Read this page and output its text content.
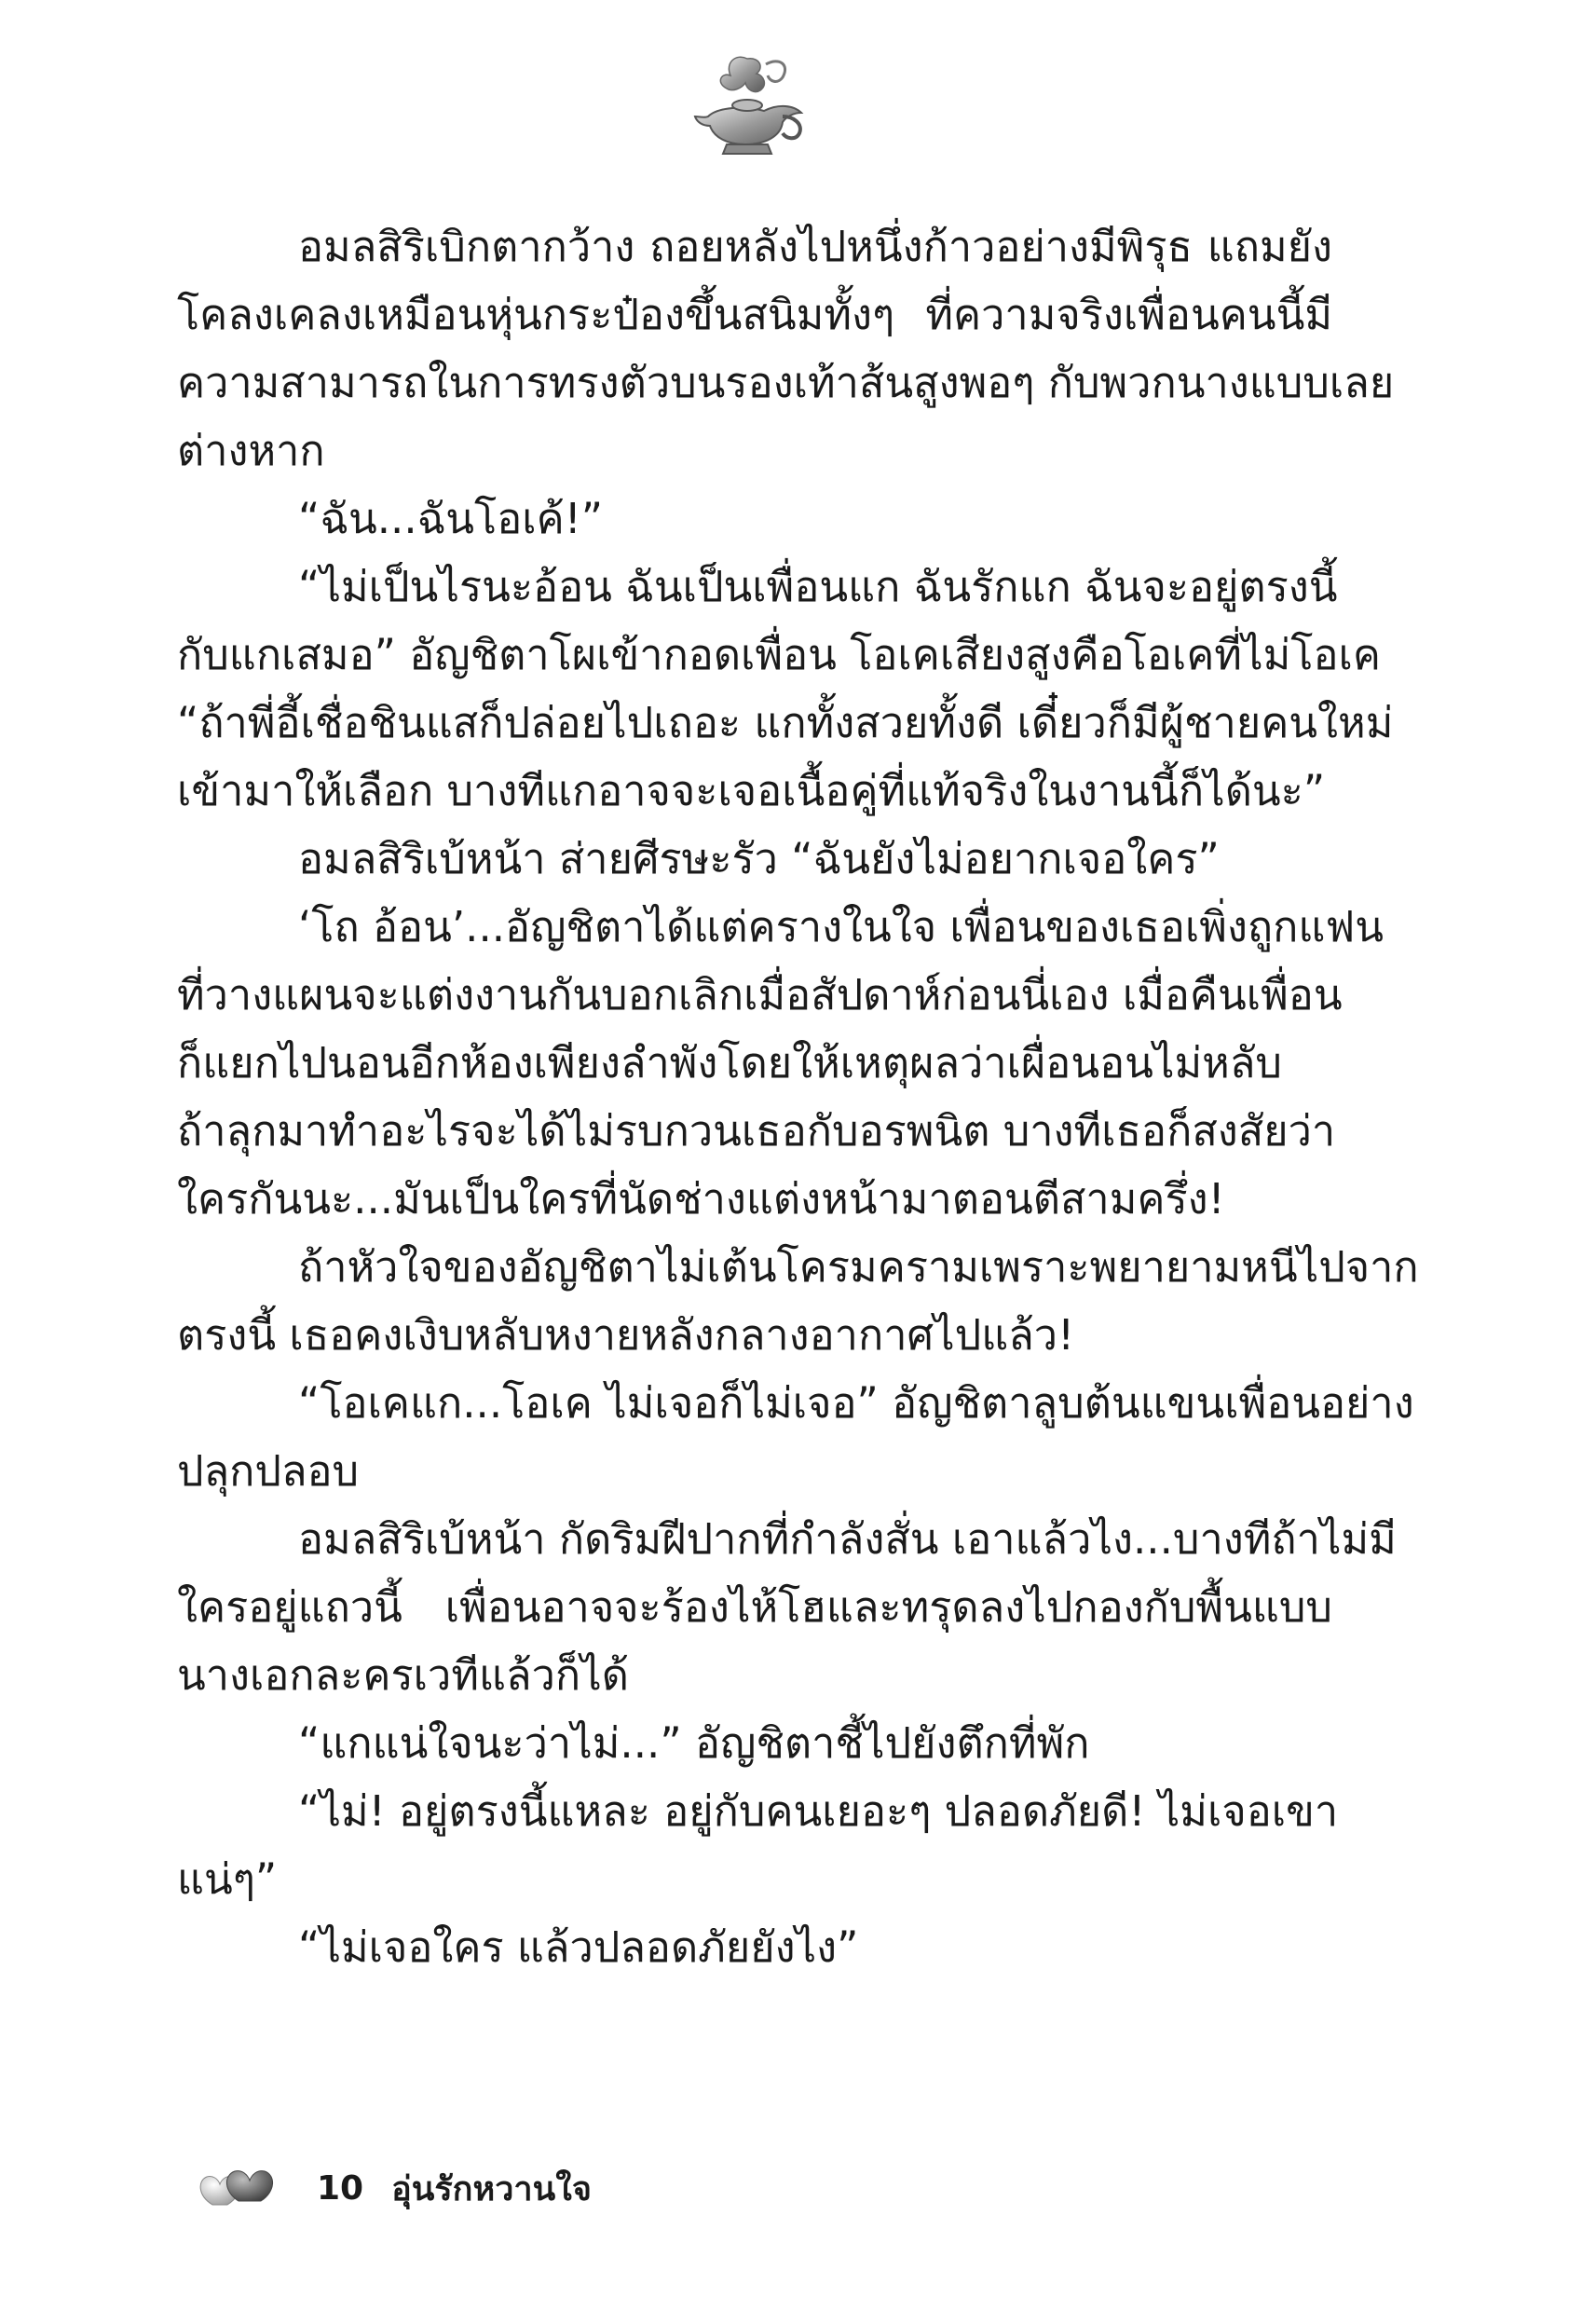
อมลสิริเบิกตากว้าง ถอยหลังไปหนึ่งก้าวอย่างมีพิรุธ แถมยัง
โคลงเคลงเหมือนหุ่นกระป๋องขึ้นสนิมทั้งๆ ที่ความจริงเพื่อนคนนี้มี
ความสามารถในการทรงตัวบนรองเท้าส้นสูงพอๆ กับพวกนางแบบเลย
ต่างหาก
“ฉัน...ฉันโอเค้!”
“ไม่เป็นไรนะอ้อน ฉันเป็นเพื่อนแก ฉันรักแก ฉันจะอยู่ตรงนี้
กับแกเสมอ” อัญชิตาโผเข้ากอดเพื่อน โอเคเสียงสูงคือโอเคที่ไม่โอเค
“ถ้าพี่อี้เชื่อชินแสก็ปล่อยไปเถอะ แกทั้งสวยทั้งดี เดี๋ยวก็มีผู้ชายคนใหม่
เข้ามาให้เลือก บางทีแกอาจจะเจอเนื้อคู่ที่แท้จริงในงานนี้ก็ได้นะ”
อมลสิริเบ้หน้า ส่ายศีรษะรัว “ฉันยังไม่อยากเจอใคร”
‘โถ อ้อน’...อัญชิตาได้แต่ครางในใจ เพื่อนของเธอเพิ่งถูกแฟน
ที่วางแผนจะแต่งงานกันบอกเลิกเมื่อสัปดาห์ก่อนนี่เอง เมื่อคืนเพื่อน
ก็แยกไปนอนอีกห้องเพียงลำพังโดยให้เหตุผลว่าเผื่อนอนไม่หลับ
ถ้าลุกมาทำอะไรจะได้ไม่รบกวนเธอกับอรพนิต บางทีเธอก็สงสัยว่า
ใครกันนะ...มันเป็นใครที่นัดช่างแต่งหน้ามาตอนตีสามครึ่ง!
ถ้าหัวใจของอัญชิตาไม่เต้นโครมครามเพราะพยายามหนีไปจาก
ตรงนี้ เธอคงเงิบหลับหงายหลังกลางอากาศไปแล้ว!
“โอเคแก...โอเค ไม่เจอก็ไม่เจอ” อัญชิตาลูบต้นแขนเพื่อนอย่าง
ปลุกปลอบ
อมลสิริเบ้หน้า กัดริมฝีปากที่กำลังสั่น เอาแล้วไง...บางทีถ้าไม่มี
ใครอยู่แถวนี้ เพื่อนอาจจะร้องไห้โฮและทรุดลงไปกองกับพื้นแบบ
นางเอกละครเวทีแล้วก็ได้
“แกแน่ใจนะว่าไม่...” อัญชิตาชี้ไปยังตึกที่พัก
“ไม่! อยู่ตรงนี้แหละ อยู่กับคนเยอะๆ ปลอดภัยดี! ไม่เจอเขา
แน่ๆ”
“ไม่เจอใคร แล้วปลอดภัยยังไง”
10 อุ่นรักหวานใจ
